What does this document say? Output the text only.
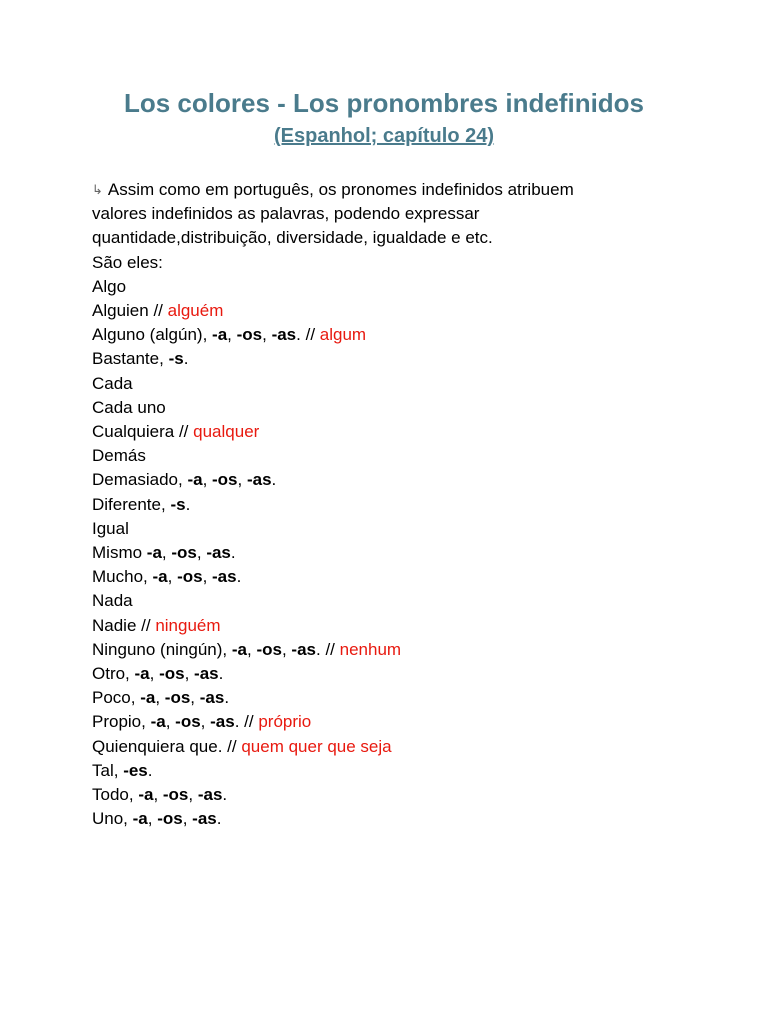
Los colores - Los pronombres indefinidos
(Espanhol; capítulo 24)
↳ Assim como em português, os pronomes indefinidos atribuem
valores indefinidos as palavras, podendo expressar
quantidade,distribuição, diversidade, igualdade e etc.
São eles:
Algo
Alguien // alguém
Alguno (algún), -a, -os, -as. // algum
Bastante, -s.
Cada
Cada uno
Cualquiera // qualquer
Demás
Demasiado, -a, -os, -as.
Diferente, -s.
Igual
Mismo -a, -os, -as.
Mucho, -a, -os, -as.
Nada
Nadie // ninguém
Ninguno (ningún), -a, -os, -as. // nenhum
Otro, -a, -os, -as.
Poco, -a, -os, -as.
Propio, -a, -os, -as. // próprio
Quienquiera que. // quem quer que seja
Tal, -es.
Todo, -a, -os, -as.
Uno, -a, -os, -as.
